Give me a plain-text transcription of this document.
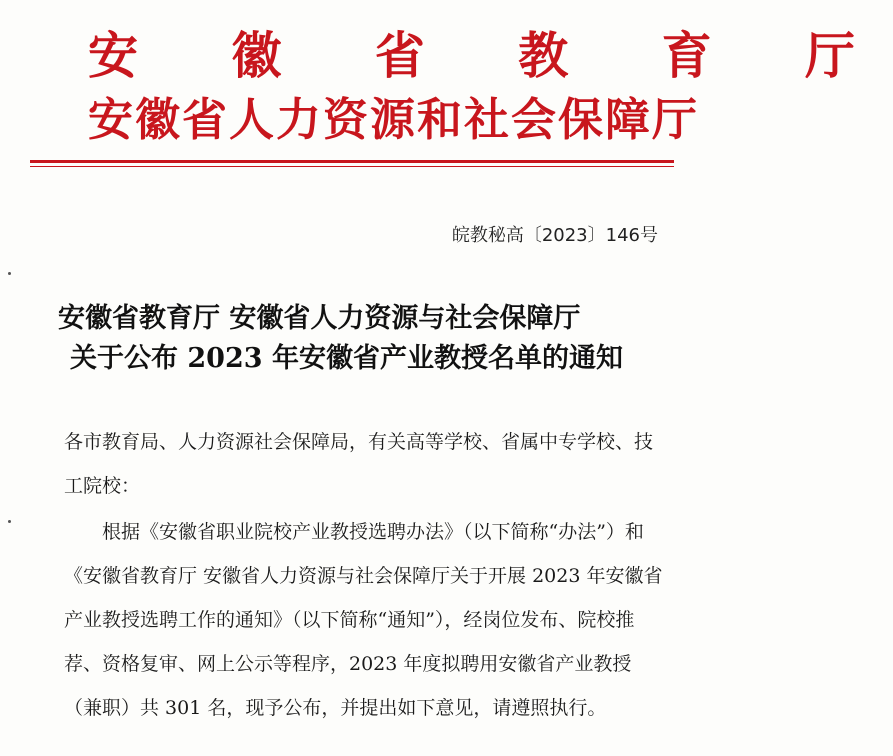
安 徽 省 教 育 厅
安徽省人力资源和社会保障厅
皖教秘高〔2023〕146号
安徽省教育厅 安徽省人力资源与社会保障厅
关于公布 2023 年安徽省产业教授名单的通知
各市教育局、人力资源社会保障局，有关高等学校、省属中专学校、技工院校：
根据《安徽省职业院校产业教授选聘办法》（以下简称“办法”）和《安徽省教育厅 安徽省人力资源与社会保障厅关于开展 2023 年安徽省产业教授选聘工作的通知》（以下简称“通知”），经岗位发布、院校推荐、资格复审、网上公示等程序，2023 年度拟聘用安徽省产业教授（兼职）共 301 名，现予公布，并提出如下意见，请遵照执行。
